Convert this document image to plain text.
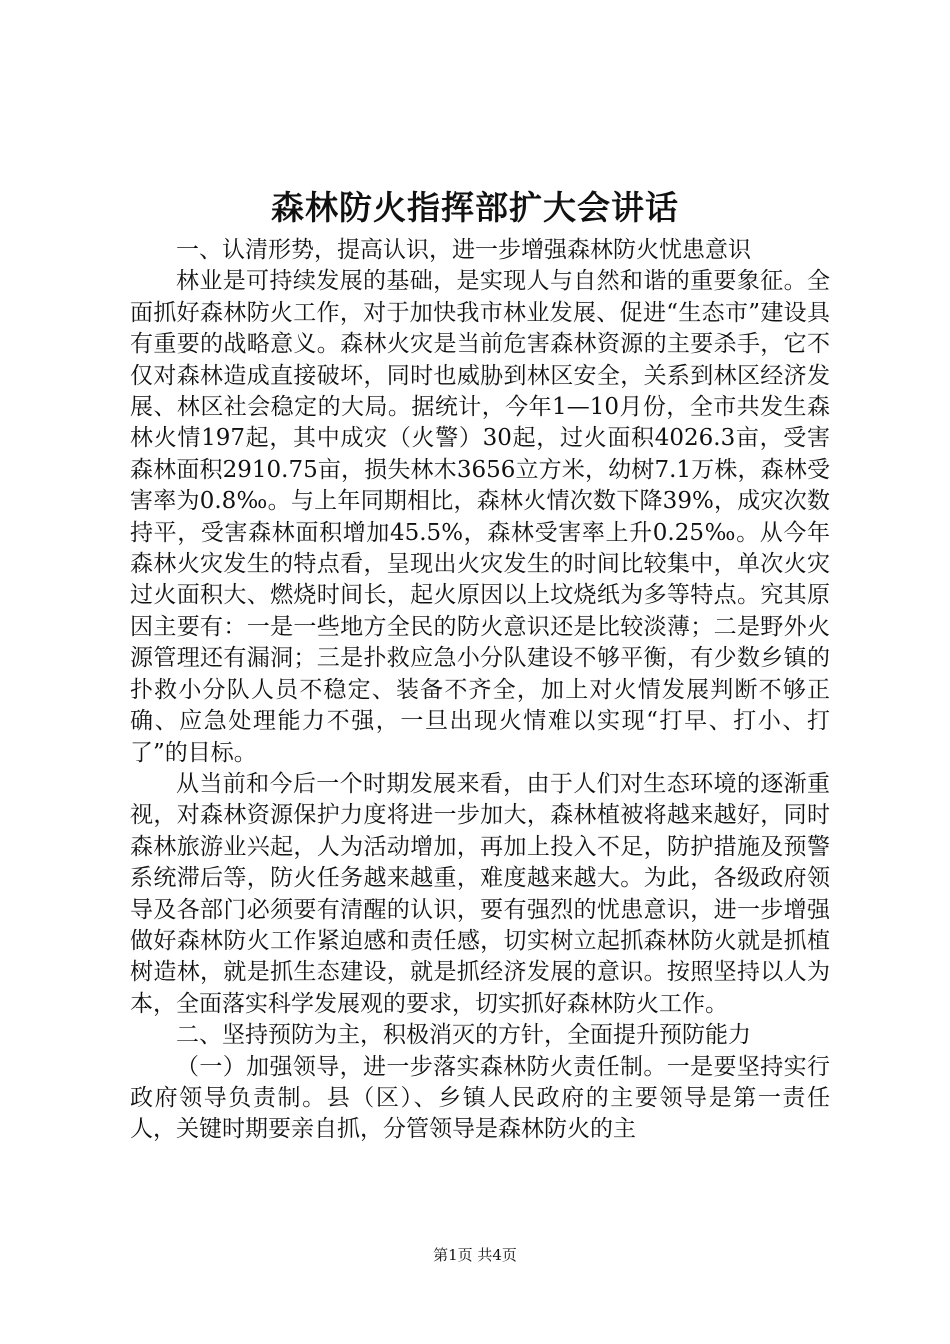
森林防火指挥部扩大会讲话

一、认清形势，提高认识，进一步增强森林防火忧患意识

林业是可持续发展的基础，是实现人与自然和谐的重要象征。全面抓好森林防火工作，对于加快我市林业发展、促进“生态市”建设具有重要的战略意义。森林火灾是当前危害森林资源的主要杀手，它不仅对森林造成直接破坏，同时也威胁到林区安全，关系到林区经济发展、林区社会稳定的大局。据统计，今年1—10月份，全市共发生森林火情197起，其中成灾（火警）30起，过火面积4026.3亩，受害森林面积2910.75亩，损失林木3656立方米，幼树7.1万株，森林受害率为0.8‰。与上年同期相比，森林火情次数下降39%，成灾次数持平，受害森林面积增加45.5%，森林受害率上升0.25‰。从今年森林火灾发生的特点看，呈现出火灾发生的时间比较集中，单次火灾过火面积大、燃烧时间长，起火原因以上坟烧纸为多等特点。究其原因主要有：一是一些地方全民的防火意识还是比较淡薄；二是野外火源管理还有漏洞；三是扑救应急小分队建设不够平衡，有少数乡镇的扑救小分队人员不稳定、装备不齐全，加上对火情发展判断不够正确、应急处理能力不强，一旦出现火情难以实现“打早、打小、打了”的目标。

从当前和今后一个时期发展来看，由于人们对生态环境的逐渐重视，对森林资源保护力度将进一步加大，森林植被将越来越好，同时森林旅游业兴起，人为活动增加，再加上投入不足，防护措施及预警系统滞后等，防火任务越来越重，难度越来越大。为此，各级政府领导及各部门必须要有清醒的认识，要有强烈的忧患意识，进一步增强做好森林防火工作紧迫感和责任感，切实树立起抓森林防火就是抓植树造林，就是抓生态建设，就是抓经济发展的意识。按照坚持以人为本，全面落实科学发展观的要求，切实抓好森林防火工作。

二、坚持预防为主，积极消灭的方针，全面提升预防能力

（一）加强领导，进一步落实森林防火责任制。一是要坚持实行政府领导负责制。县（区）、乡镇人民政府的主要领导是第一责任人，关键时期要亲自抓，分管领导是森林防火的主

第1页 共4页
